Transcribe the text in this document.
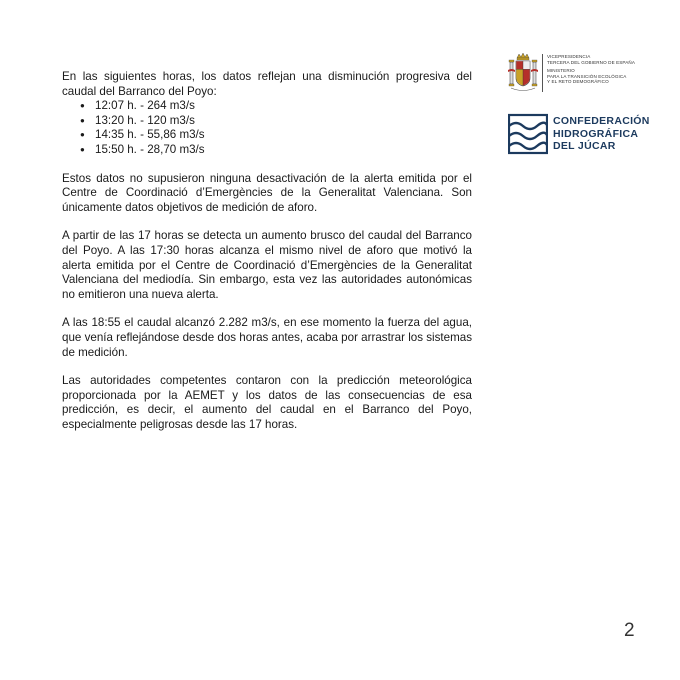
VICEPRESIDENCIA
TERCERA DEL GOBIERNO DE ESPAÑA
MINISTERIO
PARA LA TRANSICIÓN ECOLÓGICA
Y EL RETO DEMOGRÁFICO
CONFEDERACIÓN
HIDROGRÁFICA
DEL JÚCAR

En las siguientes horas, los datos reflejan una disminución progresiva del caudal del Barranco del Poyo:

● 12:07 h. - 264 m3/s
● 13:20 h. - 120 m3/s
● 14:35 h. - 55,86 m3/s
● 15:50 h. - 28,70 m3/s

Estos datos no supusieron ninguna desactivación de la alerta emitida por el Centre de Coordinació d’Emergències de la Generalitat Valenciana. Son únicamente datos objetivos de medición de aforo.

A partir de las 17 horas se detecta un aumento brusco del caudal del Barranco del Poyo. A las 17:30 horas alcanza el mismo nivel de aforo que motivó la alerta emitida por el Centre de Coordinació d’Emergències de la Generalitat Valenciana del mediodía. Sin embargo, esta vez las autoridades autonómicas no emitieron una nueva alerta.

A las 18:55 el caudal alcanzó 2.282 m3/s, en ese momento la fuerza del agua, que venía reflejándose desde dos horas antes, acaba por arrastrar los sistemas de medición.

Las autoridades competentes contaron con la predicción meteorológica proporcionada por la AEMET y los datos de las consecuencias de esa predicción, es decir, el aumento del caudal en el Barranco del Poyo, especialmente peligrosas desde las 17 horas.

2
